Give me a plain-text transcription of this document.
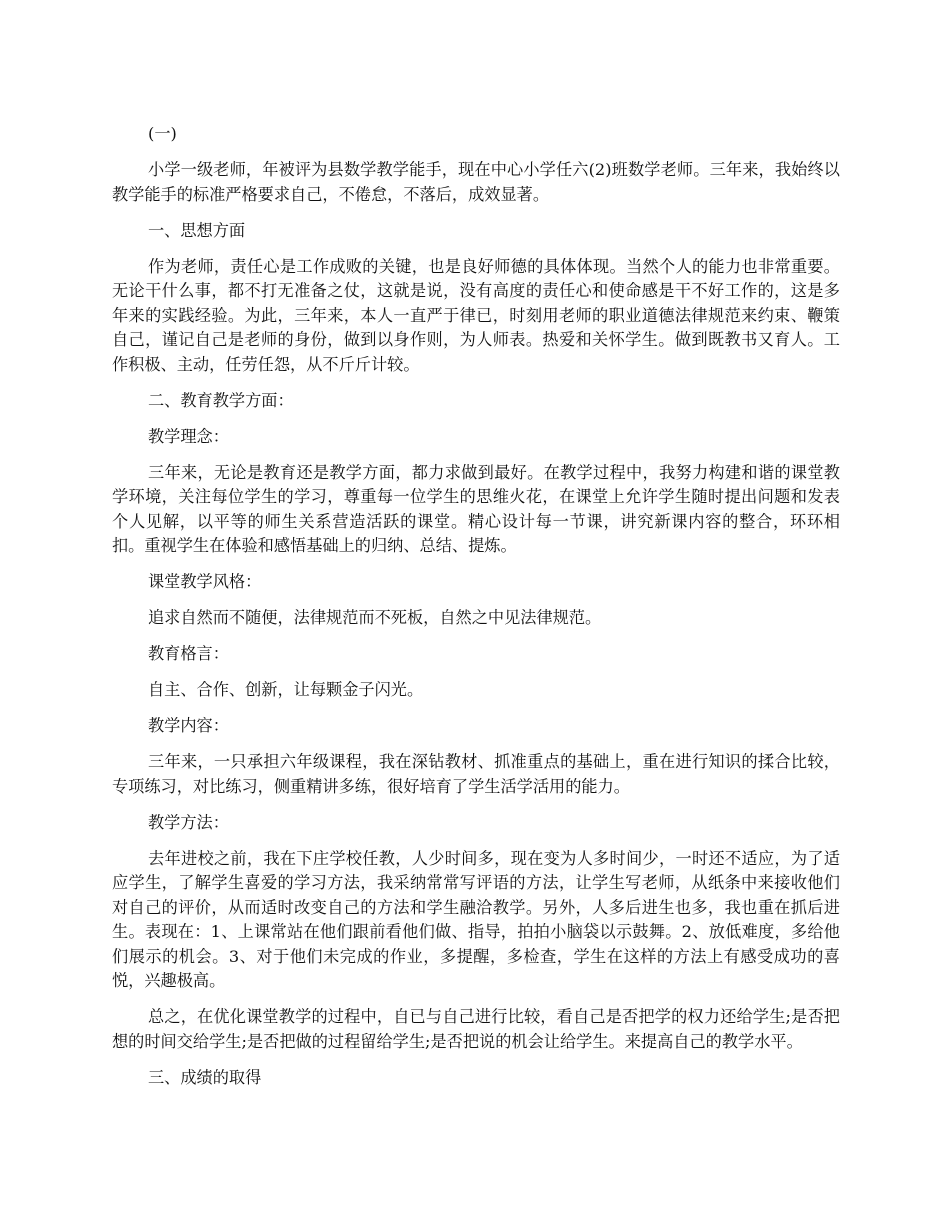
(一)

小学一级老师，年被评为县数学教学能手，现在中心小学任六(2)班数学老师。三年来，我始终以教学能手的标准严格要求自己，不倦怠，不落后，成效显著。

一、思想方面

作为老师，责任心是工作成败的关键，也是良好师德的具体体现。当然个人的能力也非常重要。无论干什么事，都不打无准备之仗，这就是说，没有高度的责任心和使命感是干不好工作的，这是多年来的实践经验。为此，三年来，本人一直严于律已，时刻用老师的职业道德法律规范来约束、鞭策自己，谨记自己是老师的身份，做到以身作则，为人师表。热爱和关怀学生。做到既教书又育人。工作积极、主动，任劳任怨，从不斤斤计较。

二、教育教学方面：

教学理念：

三年来，无论是教育还是教学方面，都力求做到最好。在教学过程中，我努力构建和谐的课堂教学环境，关注每位学生的学习，尊重每一位学生的思维火花，在课堂上允许学生随时提出问题和发表个人见解，以平等的师生关系营造活跃的课堂。精心设计每一节课，讲究新课内容的整合，环环相扣。重视学生在体验和感悟基础上的归纳、总结、提炼。

课堂教学风格：

追求自然而不随便，法律规范而不死板，自然之中见法律规范。

教育格言：

自主、合作、创新，让每颗金子闪光。

教学内容：

三年来，一只承担六年级课程，我在深钻教材、抓准重点的基础上，重在进行知识的揉合比较，专项练习，对比练习，侧重精讲多练，很好培育了学生活学活用的能力。

教学方法：

去年进校之前，我在下庄学校任教，人少时间多，现在变为人多时间少，一时还不适应，为了适应学生，了解学生喜爱的学习方法，我采纳常常写评语的方法，让学生写老师，从纸条中来接收他们对自己的评价，从而适时改变自己的方法和学生融洽教学。另外，人多后进生也多，我也重在抓后进生。表现在：1、上课常站在他们跟前看他们做、指导，拍拍小脑袋以示鼓舞。2、放低难度，多给他们展示的机会。3、对于他们未完成的作业，多提醒，多检查，学生在这样的方法上有感受成功的喜悦，兴趣极高。

总之，在优化课堂教学的过程中，自已与自己进行比较，看自己是否把学的权力还给学生;是否把想的时间交给学生;是否把做的过程留给学生;是否把说的机会让给学生。来提高自己的教学水平。

三、成绩的取得
